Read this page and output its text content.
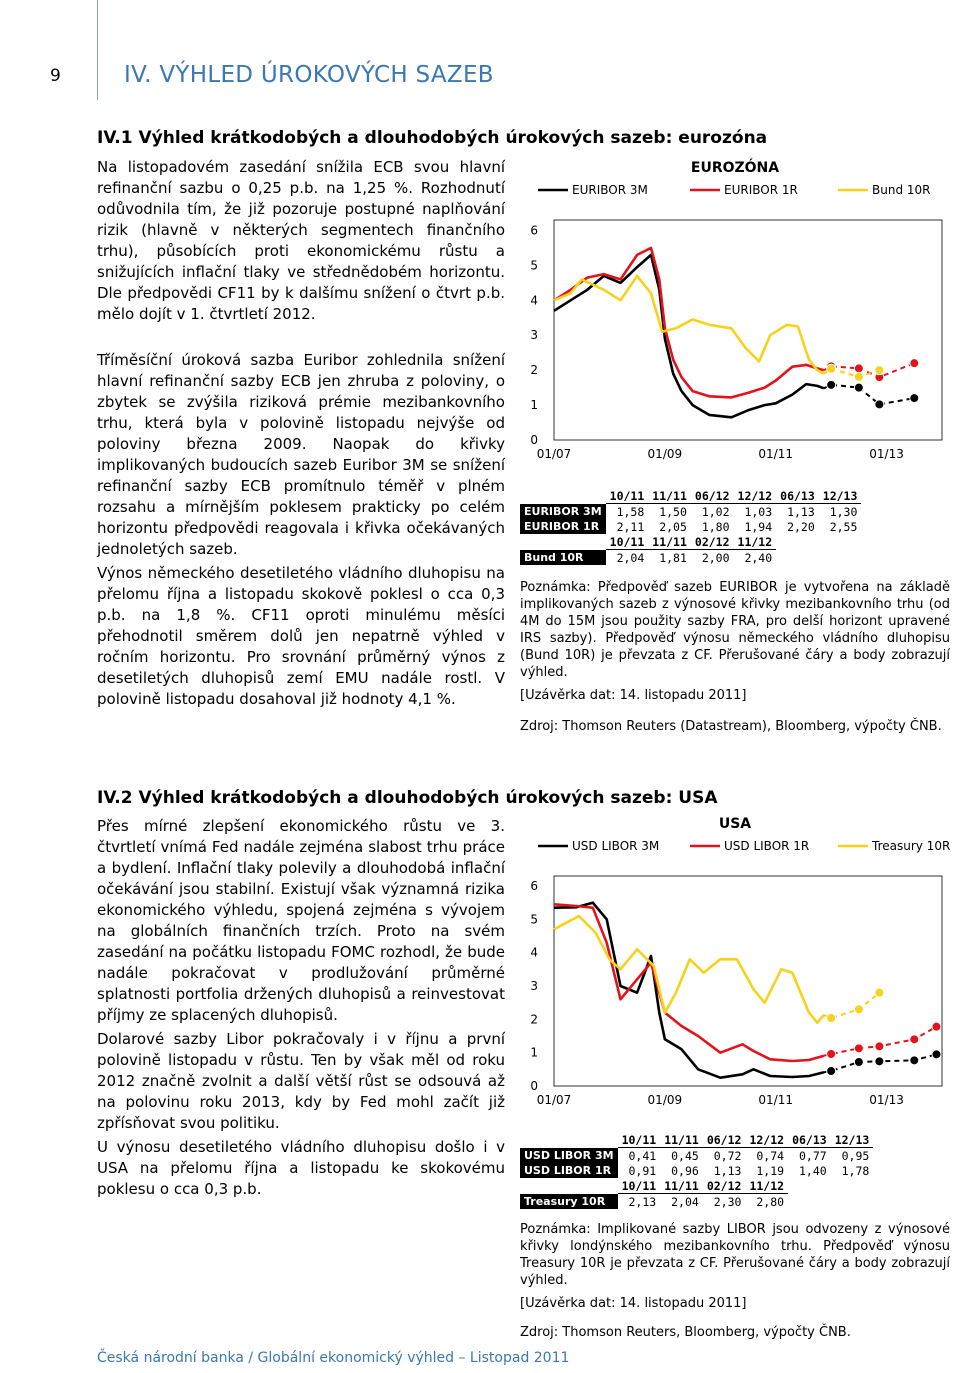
9	IV. VÝHLED ÚROKOVÝCH SAZEB
IV.1 Výhled krátkodobých a dlouhodobých úrokových sazeb: eurozóna

Na listopadovém zasedání snížila ECB svou hlavní refinanční sazbu o 0,25 p.b. na 1,25 %. Rozhodnutí odůvodnila tím, že již pozoruje postupné naplňování rizik (hlavně v některých segmentech finančního trhu), působících proti ekonomickému růstu a snižujících inflační tlaky ve střednědobém horizontu. Dle předpovědi CF11 by k dalšímu snížení o čtvrt p.b. mělo dojít v 1. čtvrtletí 2012.

Tříměsíční úroková sazba Euribor zohlednila snížení hlavní refinanční sazby ECB jen zhruba z poloviny, o zbytek se zvýšila riziková prémie mezibankovního trhu, která byla v polovině listopadu nejvýše od poloviny března 2009. Naopak do křivky implikovaných budoucích sazeb Euribor 3M se snížení refinanční sazby ECB promítnulo téměř v plném rozsahu a mírnějším poklesem prakticky po celém horizontu předpovědi reagovala i křivka očekávaných jednoletých sazeb.

Výnos německého desetiletého vládního dluhopisu na přelomu října a listopadu skokově poklesl o cca 0,3 p.b. na 1,8 %. CF11 oproti minulému měsíci přehodnotil směrem dolů jen nepatrně výhled v ročním horizontu. Pro srovnání průměrný výnos z desetiletých dluhopisů zemí EMU nadále rostl. V polovině listopadu dosahoval již hodnoty 4,1 %.

EUROZÓNA
EURIBOR 3M	EURIBOR 1R	Bund 10R
0
1
2
3
4
5
6
01/07	01/09	01/11	01/13
	10/11	11/11	06/12	12/12	06/13	12/13
EURIBOR 3M	1,58	1,50	1,02	1,03	1,13	1,30
EURIBOR 1R	2,11	2,05	1,80	1,94	2,20	2,55
	10/11	11/11	02/12	11/12		
Bund 10R	2,04	1,81	2,00	2,40		
Poznámka: Předpověď sazeb EURIBOR je vytvořena na základě implikovaných sazeb z výnosové křivky mezibankovního trhu (od 4M do 15M jsou použity sazby FRA, pro delší horizont upravené IRS sazby). Předpověď výnosu německého vládního dluhopisu (Bund 10R) je převzata z CF. Přerušované čáry a body zobrazují výhled.
[Uzávěrka dat: 14. listopadu 2011]
Zdroj: Thomson Reuters (Datastream), Bloomberg, výpočty ČNB.
IV.2 Výhled krátkodobých a dlouhodobých úrokových sazeb: USA

Přes mírné zlepšení ekonomického růstu ve 3. čtvrtletí vnímá Fed nadále zejména slabost trhu práce a bydlení. Inflační tlaky polevily a dlouhodobá inflační očekávání jsou stabilní. Existují však významná rizika ekonomického výhledu, spojená zejména s vývojem na globálních finančních trzích. Proto na svém zasedání na počátku listopadu FOMC rozhodl, že bude nadále pokračovat v prodlužování průměrné splatnosti portfolia držených dluhopisů a reinvestovat příjmy ze splacených dluhopisů.

Dolarové sazby Libor pokračovaly i v říjnu a první polovině listopadu v růstu. Ten by však měl od roku 2012 značně zvolnit a další větší růst se odsouvá až na polovinu roku 2013, kdy by Fed mohl začít již zpřísňovat svou politiku.

U výnosu desetiletého vládního dluhopisu došlo i v USA na přelomu října a listopadu ke skokovému poklesu o cca 0,3 p.b.

USA
USD LIBOR 3M	USD LIBOR 1R	Treasury 10R
0
1
2
3
4
5
6
01/07	01/09	01/11	01/13
	10/11	11/11	06/12	12/12	06/13	12/13
USD LIBOR 3M	0,41	0,45	0,72	0,74	0,77	0,95
USD LIBOR 1R	0,91	0,96	1,13	1,19	1,40	1,78
	10/11	11/11	02/12	11/12		
Treasury 10R	2,13	2,04	2,30	2,80		
Poznámka: Implikované sazby LIBOR jsou odvozeny z výnosové křivky londýnského mezibankovního trhu. Předpověď výnosu Treasury 10R je převzata z CF. Přerušované čáry a body zobrazují výhled.
[Uzávěrka dat: 14. listopadu 2011]
Zdroj: Thomson Reuters, Bloomberg, výpočty ČNB.
Česká národní banka / Globální ekonomický výhled – Listopad 2011
